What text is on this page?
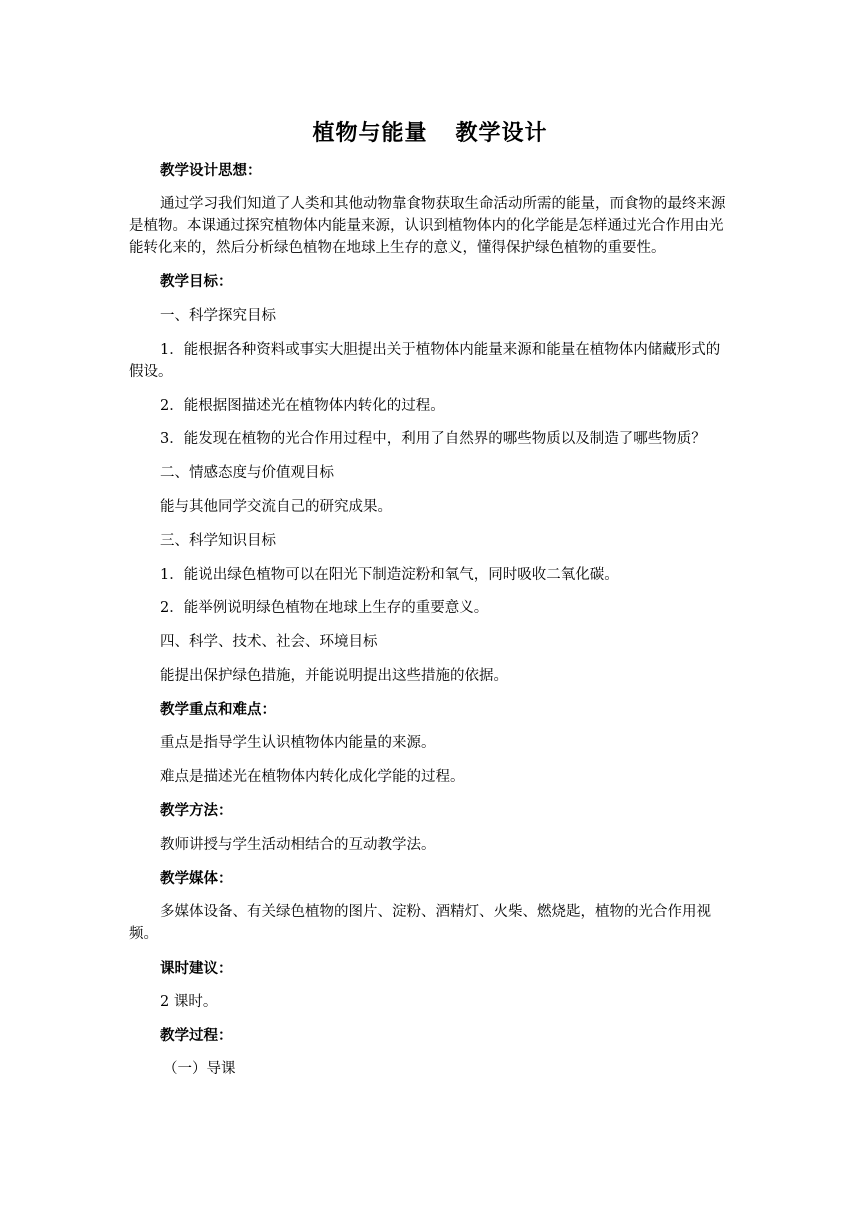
植物与能量 教学设计
教学设计思想：
通过学习我们知道了人类和其他动物靠食物获取生命活动所需的能量，而食物的最终来源是植物。本课通过探究植物体内能量来源，认识到植物体内的化学能是怎样通过光合作用由光能转化来的，然后分析绿色植物在地球上生存的意义，懂得保护绿色植物的重要性。
教学目标：
一、科学探究目标
1．能根据各种资料或事实大胆提出关于植物体内能量来源和能量在植物体内储藏形式的假设。
2．能根据图描述光在植物体内转化的过程。
3．能发现在植物的光合作用过程中，利用了自然界的哪些物质以及制造了哪些物质？
二、情感态度与价值观目标
能与其他同学交流自己的研究成果。
三、科学知识目标
1．能说出绿色植物可以在阳光下制造淀粉和氧气，同时吸收二氧化碳。
2．能举例说明绿色植物在地球上生存的重要意义。
四、科学、技术、社会、环境目标
能提出保护绿色措施，并能说明提出这些措施的依据。
教学重点和难点：
重点是指导学生认识植物体内能量的来源。
难点是描述光在植物体内转化成化学能的过程。
教学方法：
教师讲授与学生活动相结合的互动教学法。
教学媒体：
多媒体设备、有关绿色植物的图片、淀粉、酒精灯、火柴、燃烧匙，植物的光合作用视频。
课时建议：
2 课时。
教学过程：
（一）导课
